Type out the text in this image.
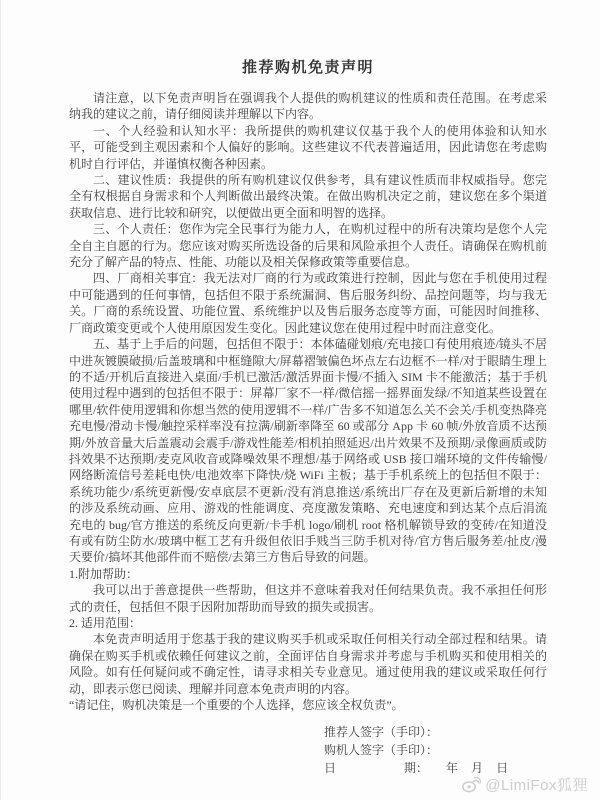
推荐购机免责声明

请注意，以下免责声明旨在强调我个人提供的购机建议的性质和责任范围。在考虑采纳我的建议之前，请仔细阅读并理解以下内容。

一、个人经验和认知水平：我所提供的购机建议仅基于我个人的使用体验和认知水平，可能受到主观因素和个人偏好的影响。这些建议不代表普遍适用，因此请您在考虑购机时自行评估，并谨慎权衡各种因素。

二、建议性质：我提供的所有购机建议仅供参考，具有建议性质而非权威指导。您完全有权根据自身需求和个人判断做出最终决策。在做出购机决定之前，建议您在多个渠道获取信息、进行比较和研究，以便做出更全面和明智的选择。

三、个人责任：您作为完全民事行为能力人，在购机过程中的所有决策均是您个人完全自主自愿的行为。您应该对购买所选设备的后果和风险承担个人责任。请确保在购机前充分了解产品的特点、性能、功能以及相关保修政策等重要信息。

四、厂商相关事宜：我无法对厂商的行为或政策进行控制，因此与您在手机使用过程中可能遇到的任何事情，包括但不限于系统漏洞、售后服务纠纷、品控问题等，均与我无关。厂商的系统设置、功能位置、系统维护以及售后服务态度等方面，可能因时间推移、厂商政策变更或个人使用原因发生变化。因此建议您在使用过程中时而注意变化。

五、基于上手后的问题，包括但不限于：本体磕碰划痕/充电接口有使用痕迹/镜头不居中进灰镀膜破损/后盖玻璃和中框缝隙大/屏幕褶皱偏色坏点左右边框不一样/对于眼睛生理上的不适/开机后直接进入桌面/手机已激活/激活界面卡慢/不插入 SIM 卡不能激活；基于手机使用过程中遇到的包括但不限于：屏幕厂家不一样/微信摇一摇界面发绿/不知道某些设置在哪里/软件使用逻辑和你想当然的使用逻辑不一样/广告多不知道怎么关不会关/手机变热降亮充电慢/滑动卡慢/触控采样率没有拉满/刷新率降至 60 或部分 App 卡 60 帧/外放音质不达预期/外放音量大后盖震动会震手/游戏性能差/相机拍照延迟/出片效果不及预期/录像画质或防抖效果不达预期/麦克风收音或降噪效果不理想/基于网络或 USB 接口端环境的文件传输慢/网络断流信号差耗电快/电池效率下降快/烧 WiFi 主板；基于手机系统上的包括但不限于：系统功能少/系统更新慢/安卓底层不更新/没有消息推送/系统出厂存在及更新后新增的未知的涉及系统动画、应用、游戏的性能调度、亮度激发策略、充电速度和到达某个点后涓流充电的 bug/官方推送的系统反向更新/卡手机 logo/刷机 root 格机解锁导致的变砖/在知道没有或有防尘防水/玻璃中框工艺有升级但依旧手贱当三防手机对待/官方售后服务差/扯皮/漫天要价/搞坏其他部件而不赔偿/去第三方售后导致的问题。

1.附加帮助：

我可以出于善意提供一些帮助，但这并不意味着我对任何结果负责。我不承担任何形式的责任，包括但不限于因附加帮助而导致的损失或损害。

2. 适用范围：

本免责声明适用于您基于我的建议购买手机或采取任何相关行动全部过程和结果。请确保在购买手机或依赖任何建议之前，全面评估自身需求并考虑与手机购买和使用相关的风险。如有任何疑问或不确定性，请寻求相关专业意见。通过使用我的建议或采取任何行动，即表示您已阅读、理解并同意本免责声明的内容。

“请记住，购机决策是一个重要的个人选择，您应该全权负责”。

推荐人签字（手印）：
购机人签字（手印）：
日	期： 年 月 日
@LimiFox狐狸
